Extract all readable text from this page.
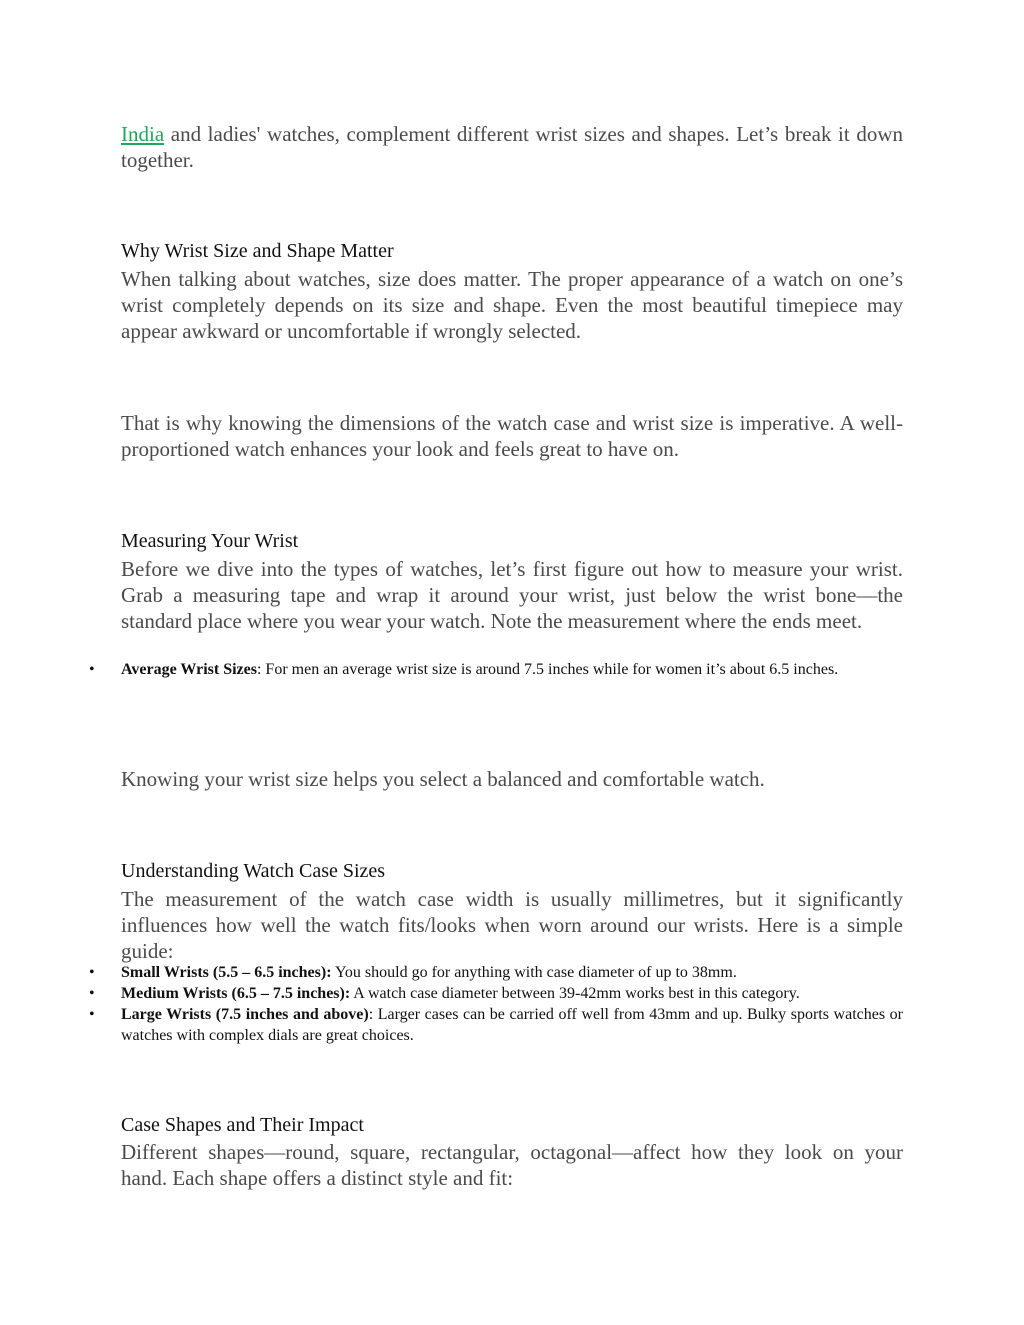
India and ladies' watches, complement different wrist sizes and shapes. Let’s break it down together.

Why Wrist Size and Shape Matter

When talking about watches, size does matter. The proper appearance of a watch on one’s wrist completely depends on its size and shape. Even the most beautiful timepiece may appear awkward or uncomfortable if wrongly selected.

That is why knowing the dimensions of the watch case and wrist size is imperative. A well-proportioned watch enhances your look and feels great to have on.

Measuring Your Wrist

Before we dive into the types of watches, let’s first figure out how to measure your wrist. Grab a measuring tape and wrap it around your wrist, just below the wrist bone—the standard place where you wear your watch. Note the measurement where the ends meet.

• Average Wrist Sizes: For men an average wrist size is around 7.5 inches while for women it’s about 6.5 inches.

Knowing your wrist size helps you select a balanced and comfortable watch.

Understanding Watch Case Sizes

The measurement of the watch case width is usually millimetres, but it significantly influences how well the watch fits/looks when worn around our wrists. Here is a simple guide:

• Small Wrists (5.5 – 6.5 inches): You should go for anything with case diameter of up to 38mm.
• Medium Wrists (6.5 – 7.5 inches): A watch case diameter between 39-42mm works best in this category.
• Large Wrists (7.5 inches and above): Larger cases can be carried off well from 43mm and up. Bulky sports watches or watches with complex dials are great choices.

Case Shapes and Their Impact

Different shapes—round, square, rectangular, octagonal—affect how they look on your hand. Each shape offers a distinct style and fit:
